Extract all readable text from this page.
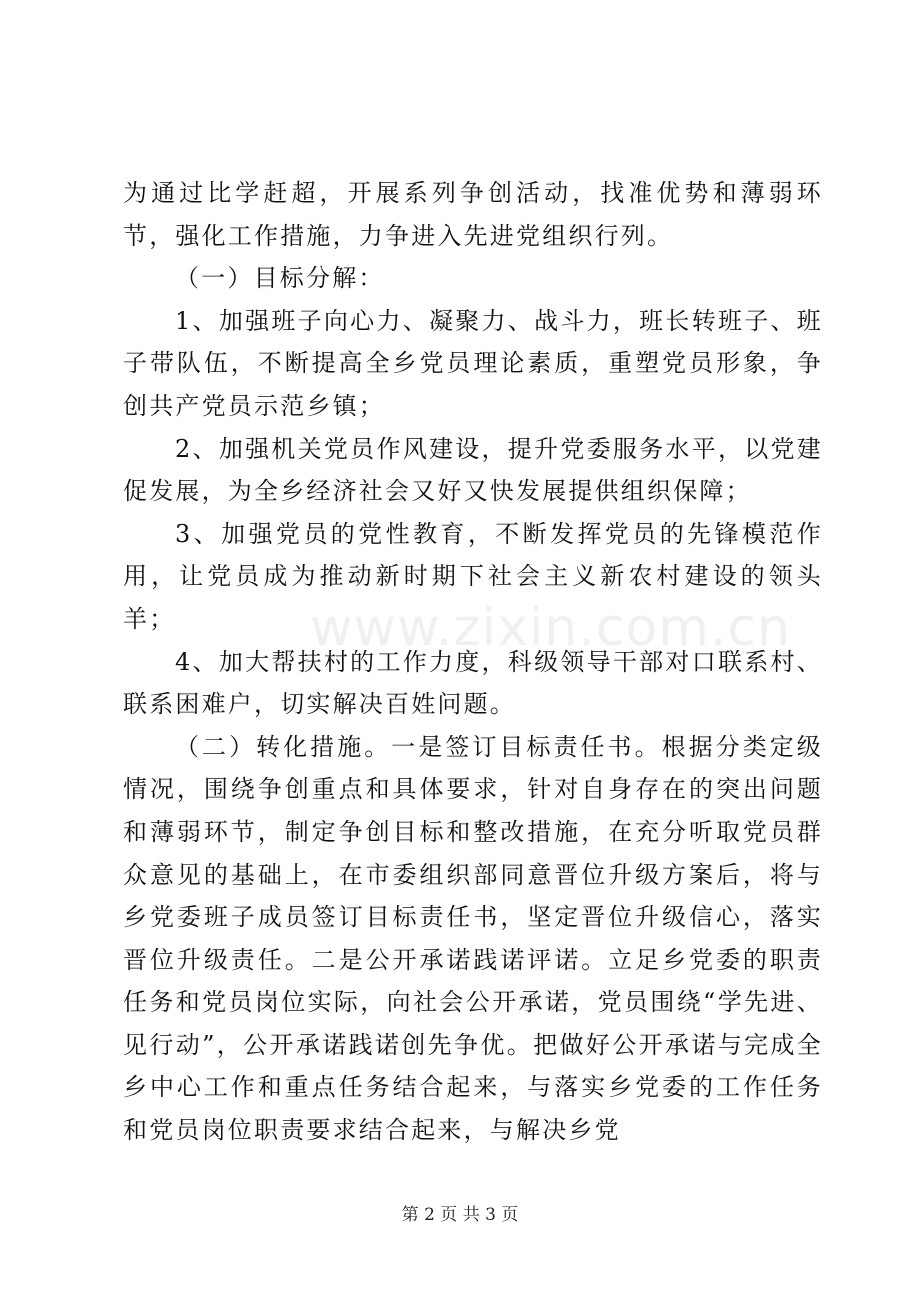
为通过比学赶超，开展系列争创活动，找准优势和薄弱环节，强化工作措施，力争进入先进党组织行列。

（一）目标分解：

1、加强班子向心力、凝聚力、战斗力，班长转班子、班子带队伍，不断提高全乡党员理论素质，重塑党员形象，争创共产党员示范乡镇；

2、加强机关党员作风建设，提升党委服务水平，以党建促发展，为全乡经济社会又好又快发展提供组织保障；

3、加强党员的党性教育，不断发挥党员的先锋模范作用，让党员成为推动新时期下社会主义新农村建设的领头羊；

4、加大帮扶村的工作力度，科级领导干部对口联系村、联系困难户，切实解决百姓问题。

（二）转化措施。一是签订目标责任书。根据分类定级情况，围绕争创重点和具体要求，针对自身存在的突出问题和薄弱环节，制定争创目标和整改措施，在充分听取党员群众意见的基础上，在市委组织部同意晋位升级方案后，将与乡党委班子成员签订目标责任书，坚定晋位升级信心，落实晋位升级责任。二是公开承诺践诺评诺。立足乡党委的职责任务和党员岗位实际，向社会公开承诺，党员围绕“学先进、见行动”，公开承诺践诺创先争优。把做好公开承诺与完成全乡中心工作和重点任务结合起来，与落实乡党委的工作任务和党员岗位职责要求结合起来，与解决乡党

www.zixin.com.cn
第 2 页 共 3 页
